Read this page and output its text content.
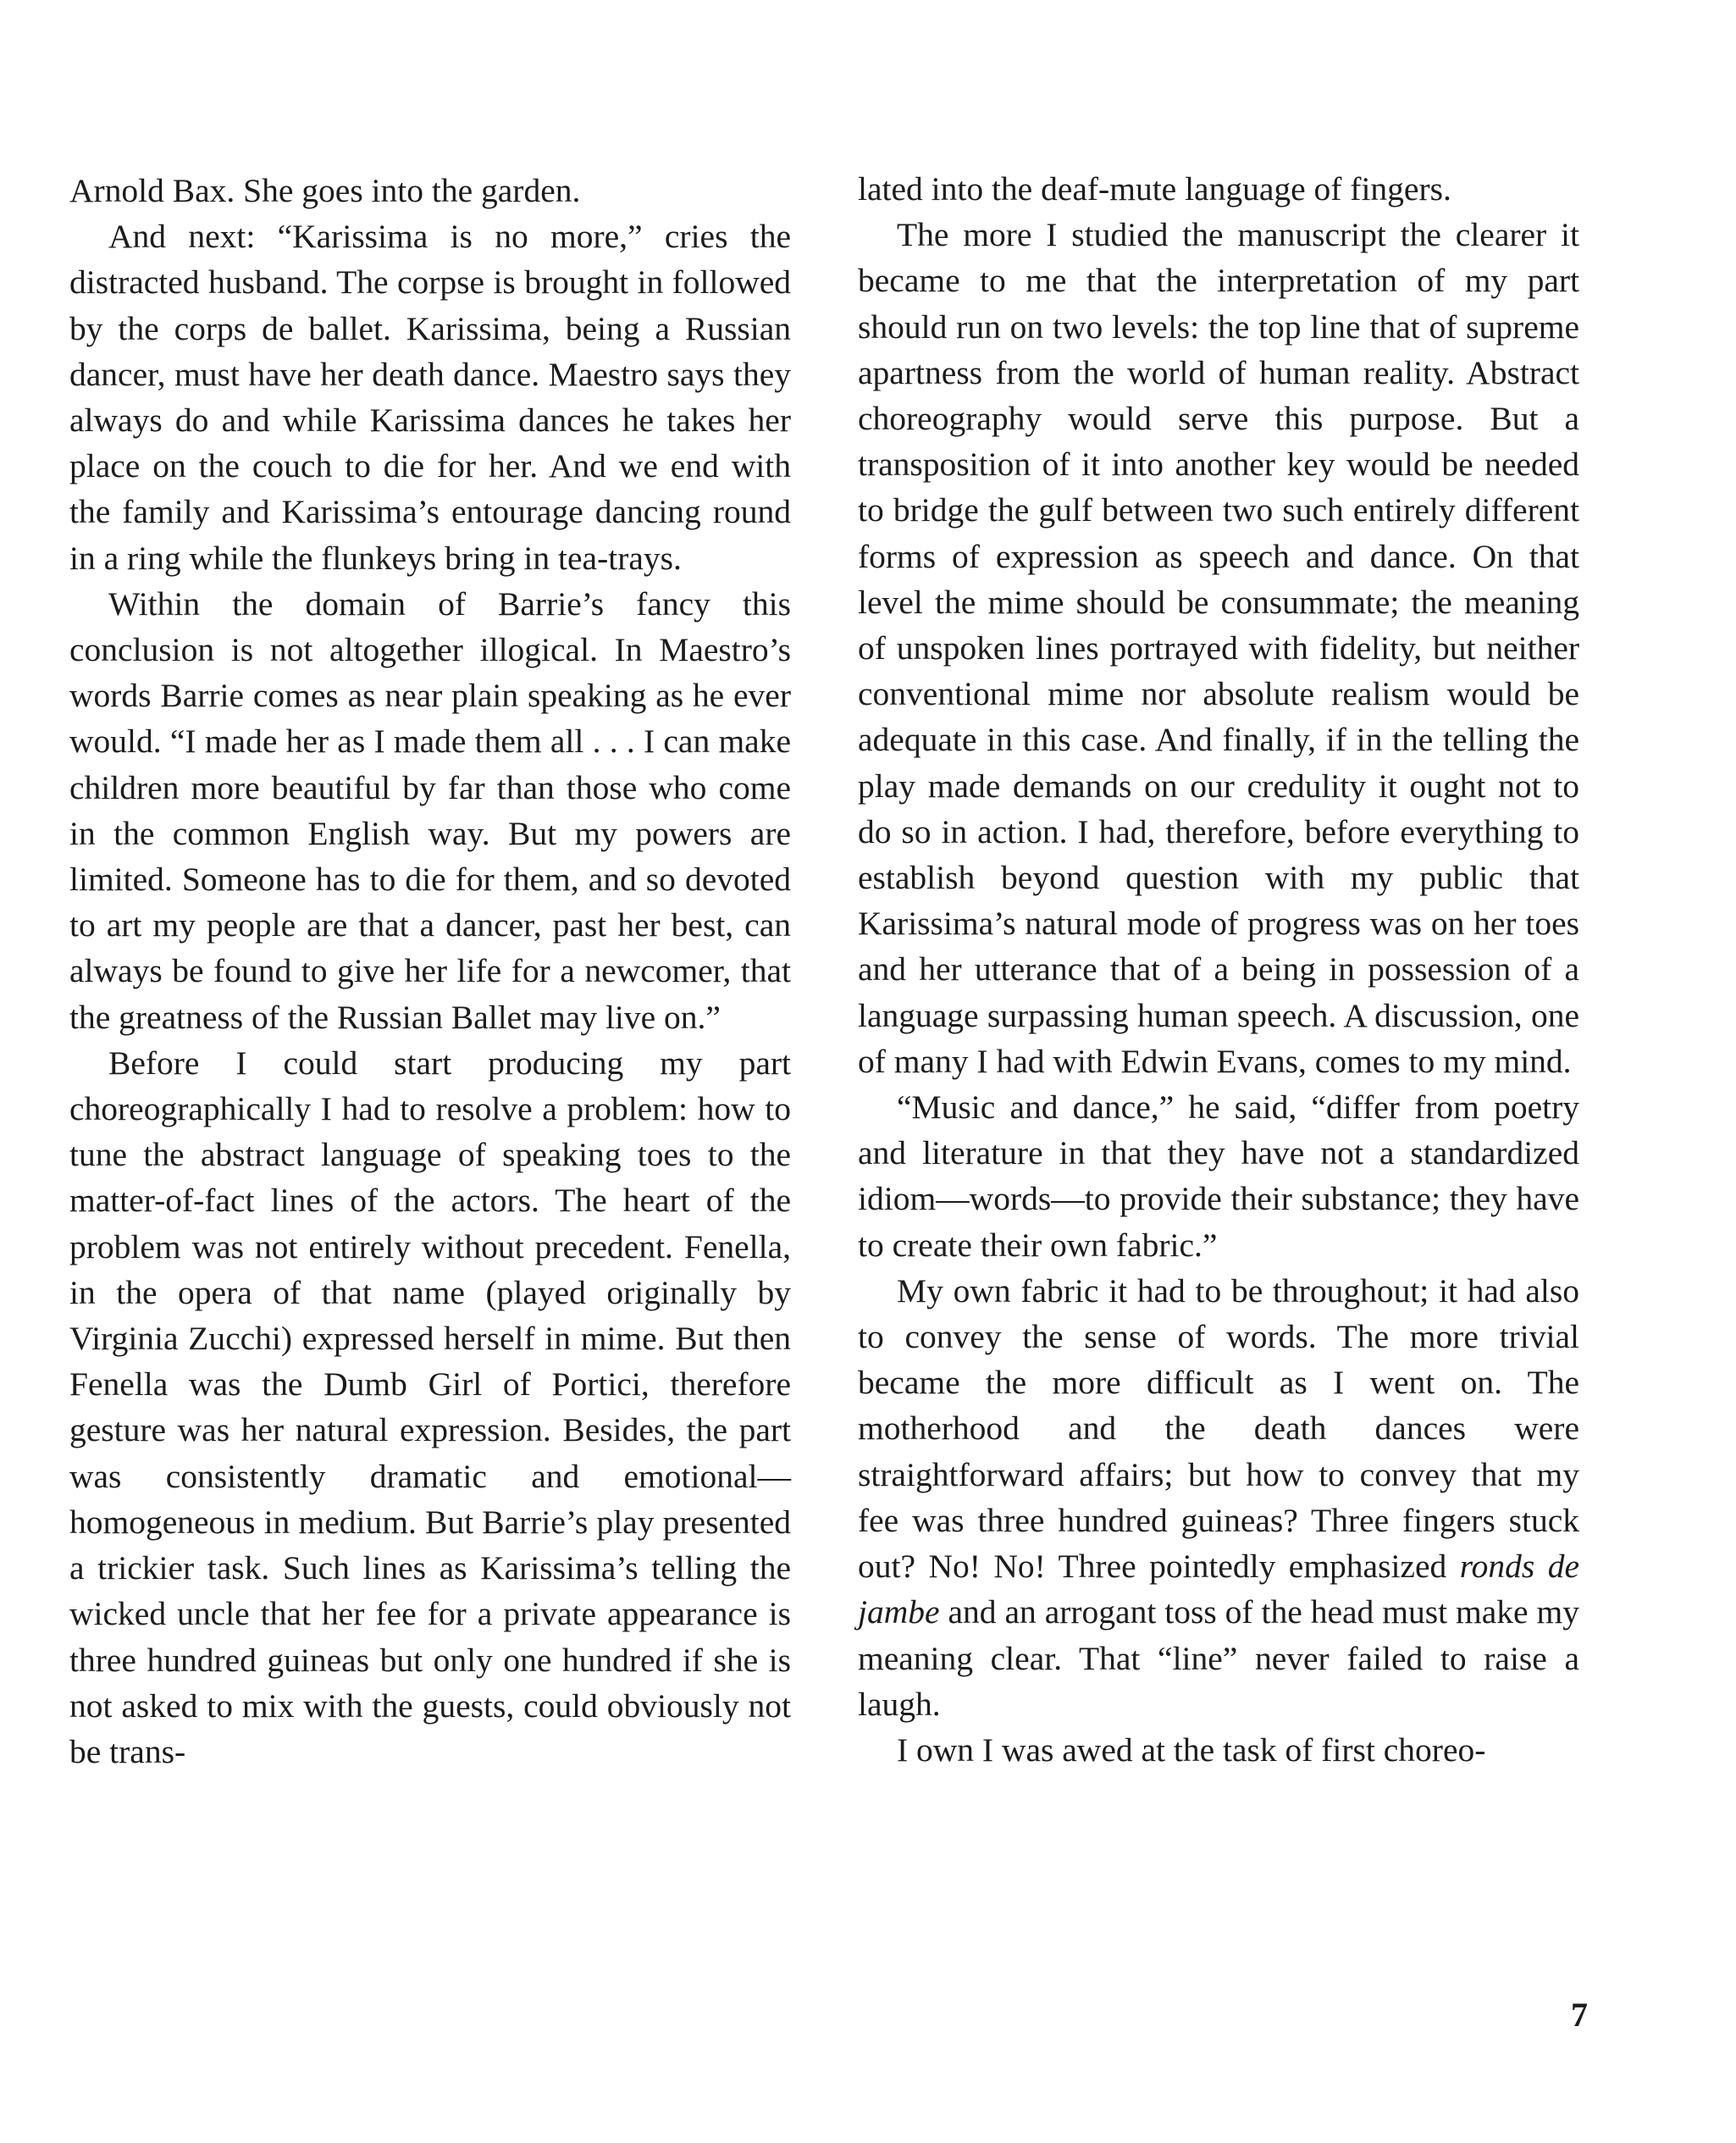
Arnold Bax. She goes into the garden.

And next: “Karissima is no more,” cries the distracted husband. The corpse is brought in followed by the corps de ballet. Karissima, being a Russian dancer, must have her death dance. Maestro says they always do and while Karissima dances he takes her place on the couch to die for her. And we end with the family and Karissima’s entourage dancing round in a ring while the flunkeys bring in tea-trays.

Within the domain of Barrie’s fancy this conclusion is not altogether illogical. In Maestro’s words Barrie comes as near plain speaking as he ever would. “I made her as I made them all . . . I can make children more beautiful by far than those who come in the common English way. But my powers are limited. Someone has to die for them, and so devoted to art my people are that a dancer, past her best, can always be found to give her life for a newcomer, that the greatness of the Russian Ballet may live on.”

Before I could start producing my part choreographically I had to resolve a problem: how to tune the abstract language of speaking toes to the matter-of-fact lines of the actors. The heart of the problem was not entirely without precedent. Fenella, in the opera of that name (played originally by Virginia Zucchi) expressed herself in mime. But then Fenella was the Dumb Girl of Portici, therefore gesture was her natural expression. Besides, the part was consistently dramatic and emotional—homogeneous in medium. But Barrie’s play presented a trickier task. Such lines as Karissima’s telling the wicked uncle that her fee for a private appearance is three hundred guineas but only one hundred if she is not asked to mix with the guests, could obviously not be trans-

lated into the deaf-mute language of fingers.

The more I studied the manuscript the clearer it became to me that the interpretation of my part should run on two levels: the top line that of supreme apartness from the world of human reality. Abstract choreography would serve this purpose. But a transposition of it into another key would be needed to bridge the gulf between two such entirely different forms of expression as speech and dance. On that level the mime should be consummate; the meaning of unspoken lines portrayed with fidelity, but neither conventional mime nor absolute realism would be adequate in this case. And finally, if in the telling the play made demands on our credulity it ought not to do so in action. I had, therefore, before everything to establish beyond question with my public that Karissima’s natural mode of progress was on her toes and her utterance that of a being in possession of a language surpassing human speech. A discussion, one of many I had with Edwin Evans, comes to my mind.

“Music and dance,” he said, “differ from poetry and literature in that they have not a standardized idiom—words—to provide their substance; they have to create their own fabric.”

My own fabric it had to be throughout; it had also to convey the sense of words. The more trivial became the more difficult as I went on. The motherhood and the death dances were straightforward affairs; but how to convey that my fee was three hundred guineas? Three fingers stuck out? No! No! Three pointedly emphasized ronds de jambe and an arrogant toss of the head must make my meaning clear. That “line” never failed to raise a laugh.

I own I was awed at the task of first choreo-

7
